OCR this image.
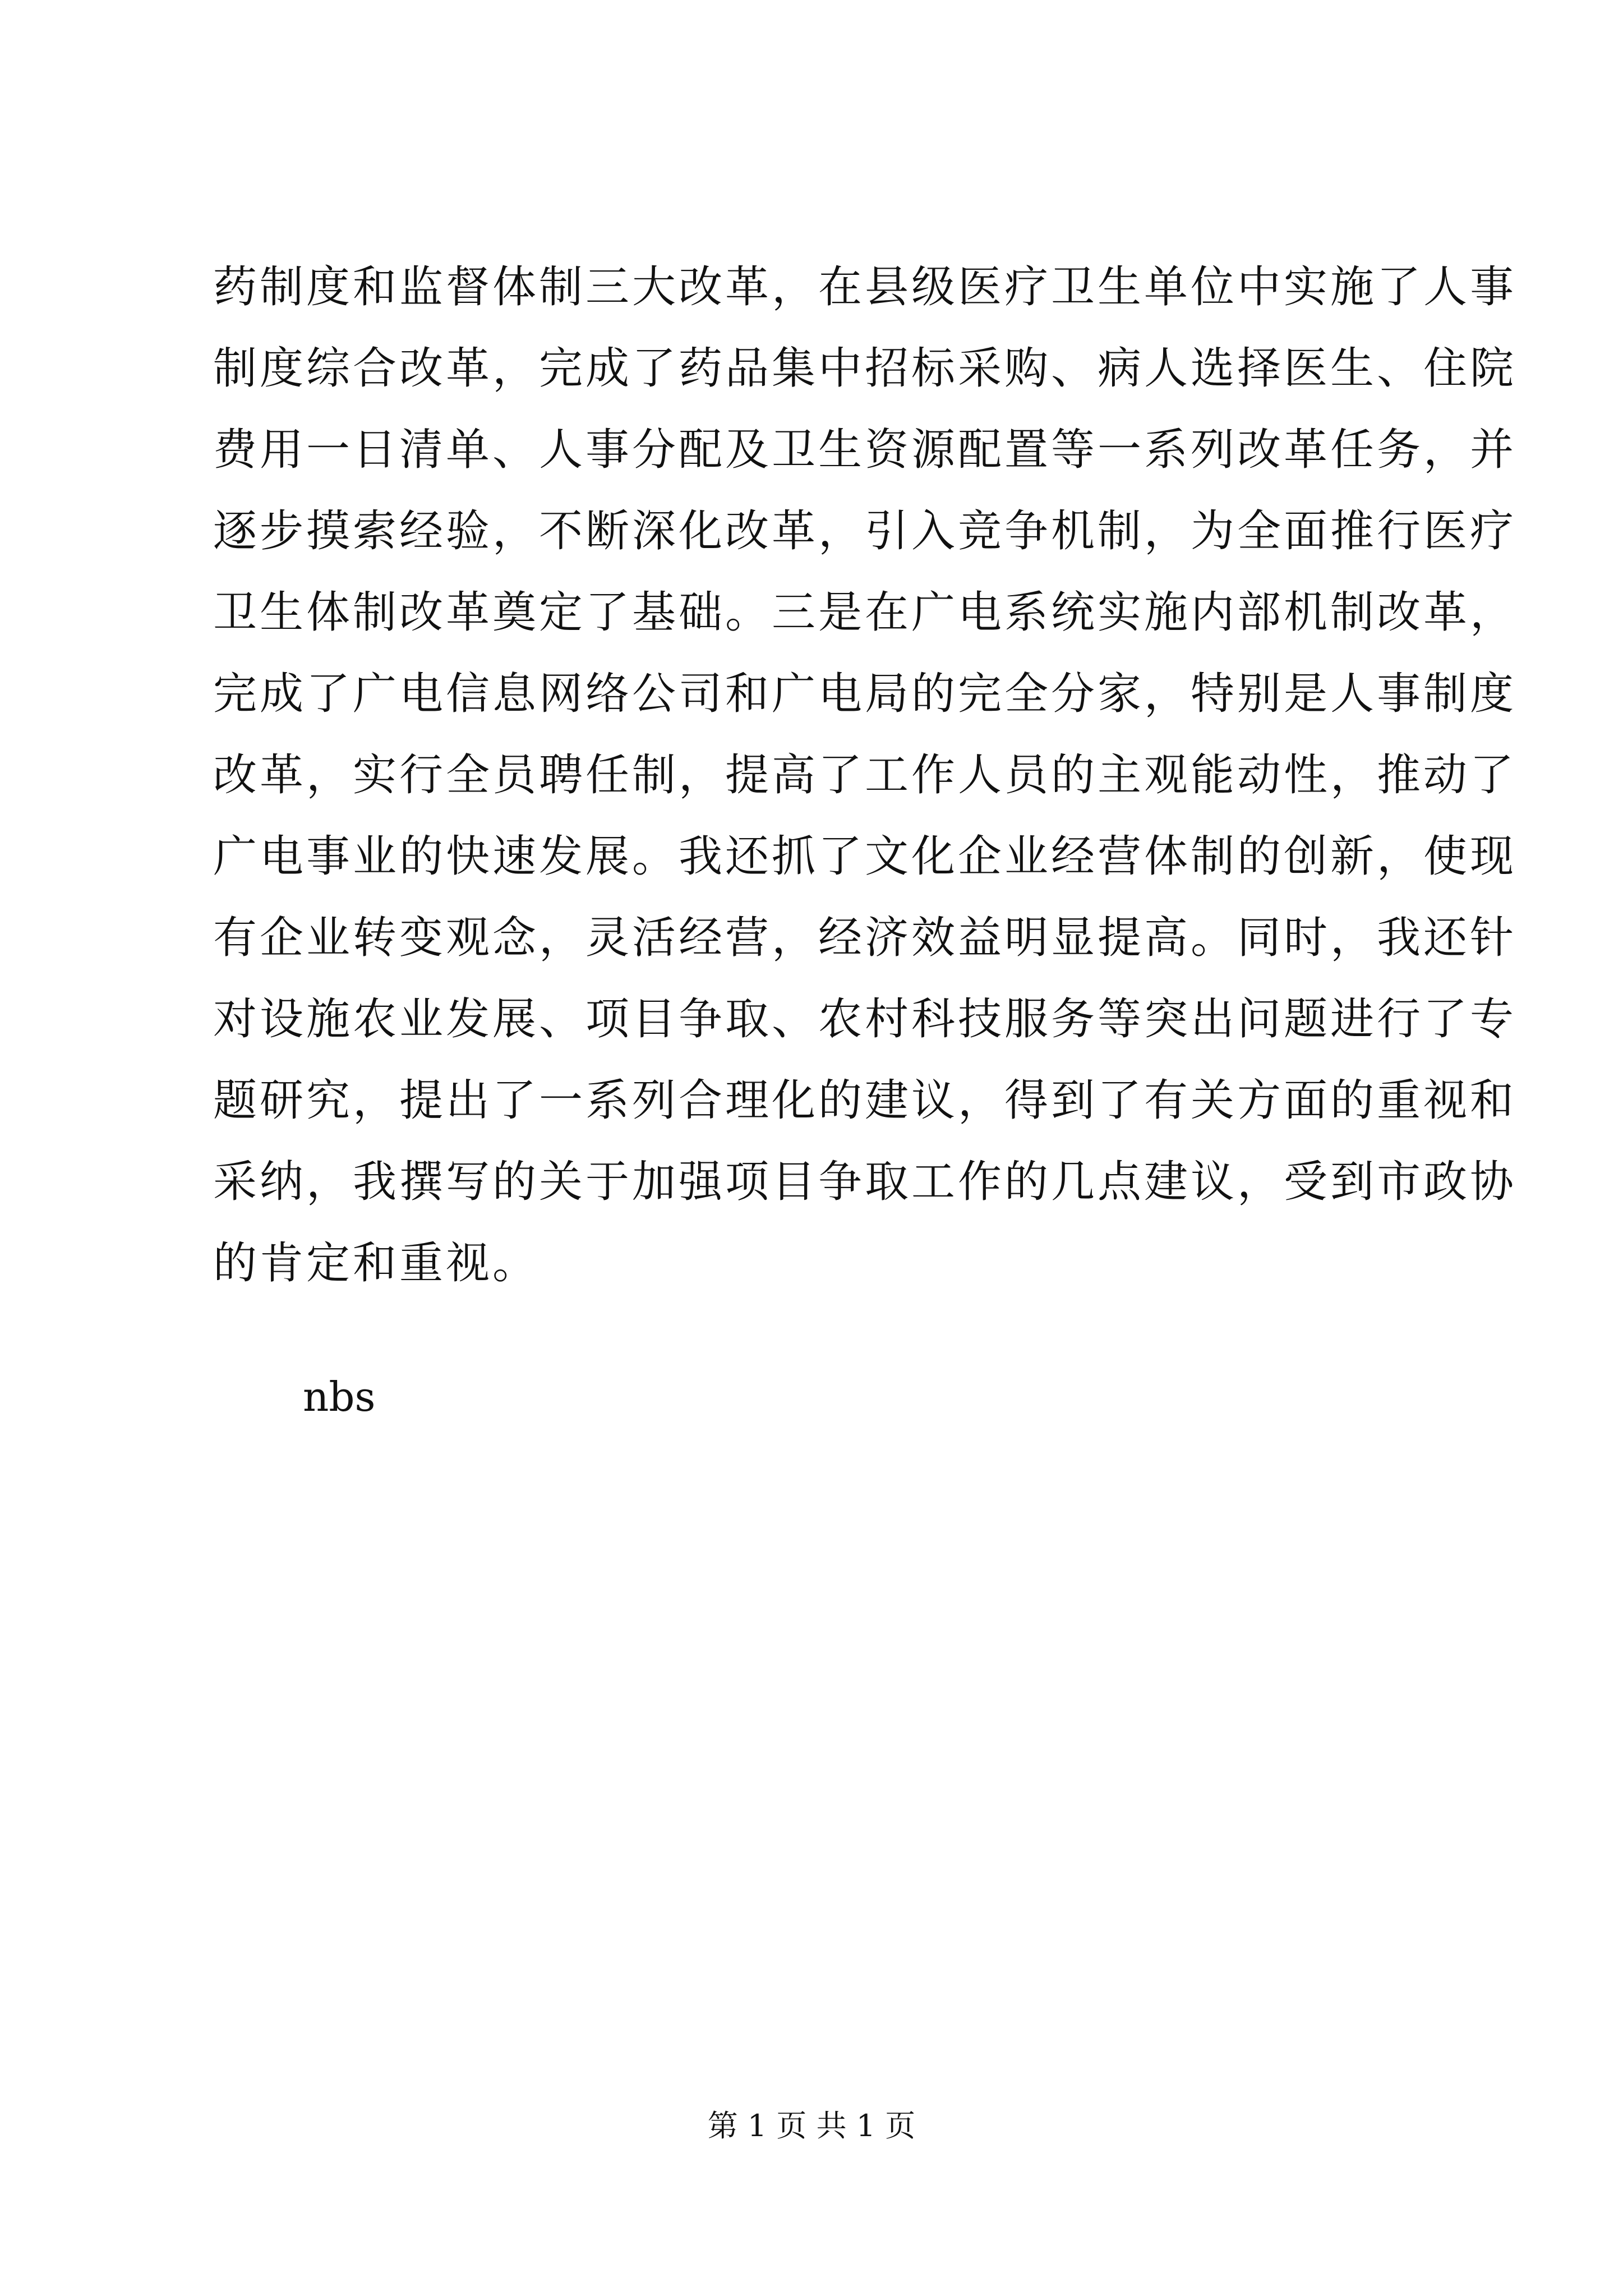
药制度和监督体制三大改革，在县级医疗卫生单位中实施了人事
制度综合改革，完成了药品集中招标采购、病人选择医生、住院
费用一日清单、人事分配及卫生资源配置等一系列改革任务，并
逐步摸索经验，不断深化改革，引入竞争机制，为全面推行医疗
卫生体制改革奠定了基础。三是在广电系统实施内部机制改革，
完成了广电信息网络公司和广电局的完全分家，特别是人事制度
改革，实行全员聘任制，提高了工作人员的主观能动性，推动了
广电事业的快速发展。我还抓了文化企业经营体制的创新，使现
有企业转变观念，灵活经营，经济效益明显提高。同时，我还针
对设施农业发展、项目争取、农村科技服务等突出问题进行了专
题研究，提出了一系列合理化的建议，得到了有关方面的重视和
采纳，我撰写的关于加强项目争取工作的几点建议，受到市政协
的肯定和重视。
nbs
第 1 页 共 1 页
